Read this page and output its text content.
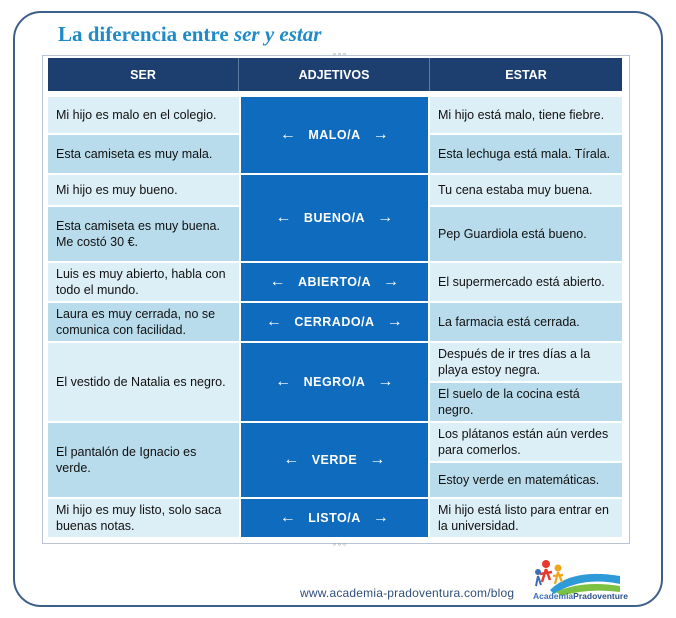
La diferencia entre ser y estar
SER	ADJETIVOS	ESTAR

Mi hijo es malo en el colegio.	← MALO/A →	Mi hijo está malo, tiene fiebre.
Esta camiseta es muy mala.		Esta lechuga está mala. Tírala.
Mi hijo es muy bueno.	← BUENO/A →	Tu cena estaba muy buena.
Esta camiseta es muy buena. Me costó 30 €.		Pep Guardiola está bueno.
Luis es muy abierto, habla con todo el mundo.	← ABIERTO/A →	El supermercado está abierto.
Laura es muy cerrada, no se comunica con facilidad.	← CERRADO/A →	La farmacia está cerrada.
El vestido de Natalia es negro.	← NEGRO/A →	Después de ir tres días a la playa estoy negra.
		El suelo de la cocina está negro.
El pantalón de Ignacio es verde.	← VERDE →	Los plátanos están aún verdes para comerlos.
		Estoy verde en matemáticas.
Mi hijo es muy listo, solo saca buenas notas.	← LISTO/A →	Mi hijo está listo para entrar en la universidad.
∘∘∘
∘∘∘
www.academia-pradoventura.com/blog AcademiaPradoventure
